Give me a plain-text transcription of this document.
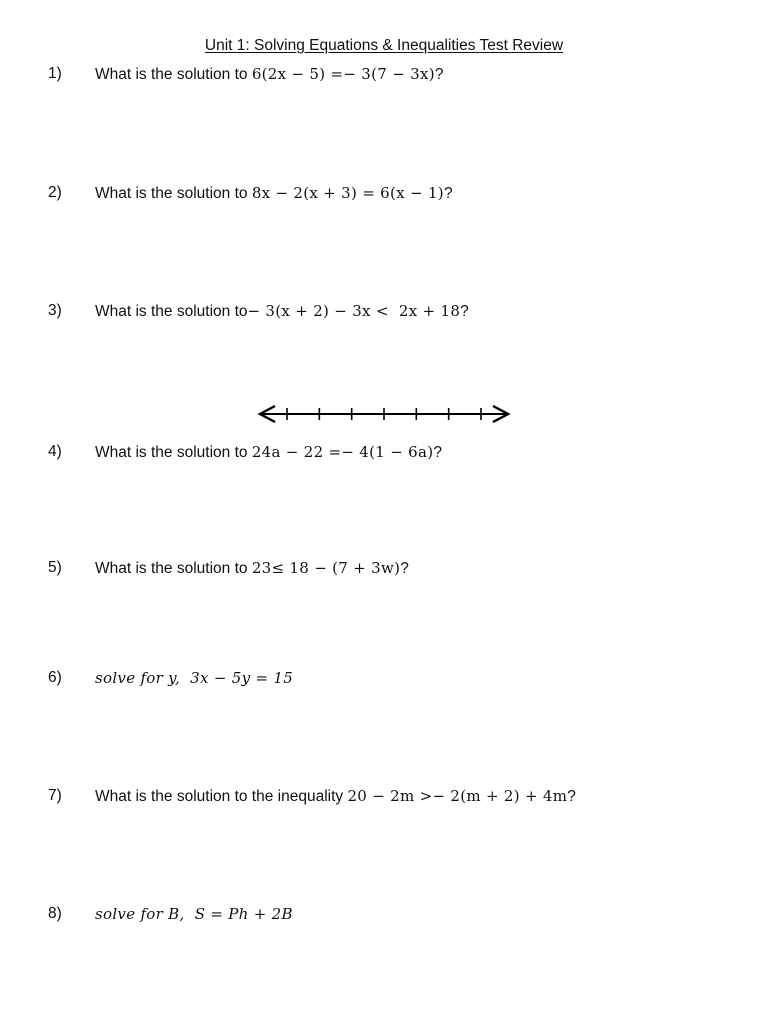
Unit 1: Solving Equations & Inequalities Test Review
1) What is the solution to 6(2x − 5) =− 3(7 − 3x)?
2) What is the solution to 8x − 2(x + 3) = 6(x − 1)?
3) What is the solution to− 3(x + 2) − 3x <  2x + 18?
4) What is the solution to 24a − 22 =− 4(1 − 6a)?
5) What is the solution to 23≤ 18 − (7 + 3w)?
6) solve for y,  3x − 5y = 15
7) What is the solution to the inequality 20 − 2m >− 2(m + 2) + 4m?
8) solve for B,  S = Ph + 2B
